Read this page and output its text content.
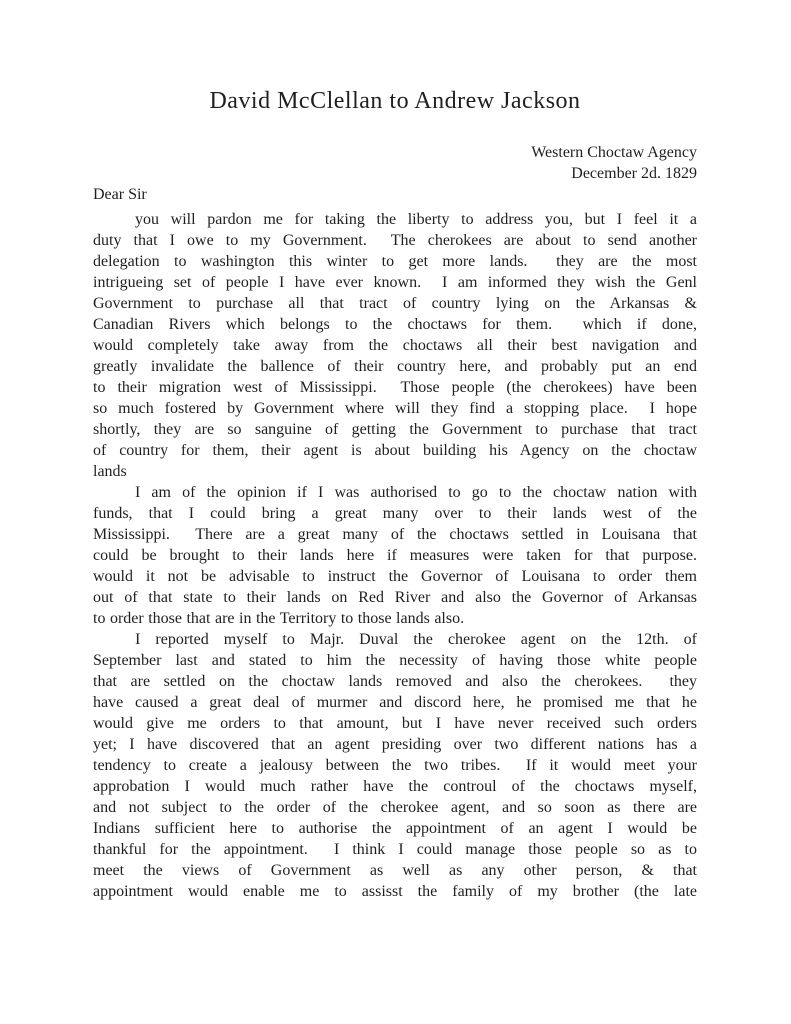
David McClellan to Andrew Jackson
Western Choctaw Agency
December 2d. 1829
Dear Sir
you will pardon me for taking the liberty to address you, but I feel it a
duty that I owe to my Government.  The cherokees are about to send another
delegation to washington this winter to get more lands.  they are the most
intrigueing set of people I have ever known.  I am informed they wish the Genl
Government to purchase all that tract of country lying on the Arkansas &
Canadian Rivers which belongs to the choctaws for them.  which if done,
would completely take away from the choctaws all their best navigation and
greatly invalidate the ballence of their country here, and probably put an end
to their migration west of Mississippi.  Those people (the cherokees) have been
so much fostered by Government where will they find a stopping place.  I hope
shortly, they are so sanguine of getting the Government to purchase that tract
of country for them, their agent is about building his Agency on the choctaw
lands
I am of the opinion if I was authorised to go to the choctaw nation with
funds, that I could bring a great many over to their lands west of the
Mississippi.  There are a great many of the choctaws settled in Louisana that
could be brought to their lands here if measures were taken for that purpose.
would it not be advisable to instruct the Governor of Louisana to order them
out of that state to their lands on Red River and also the Governor of Arkansas
to order those that are in the Territory to those lands also.
I reported myself to Majr. Duval the cherokee agent on the 12th. of
September last and stated to him the necessity of having those white people
that are settled on the choctaw lands removed and also the cherokees.  they
have caused a great deal of murmer and discord here, he promised me that he
would give me orders to that amount, but I have never received such orders
yet; I have discovered that an agent presiding over two different nations has a
tendency to create a jealousy between the two tribes.  If it would meet your
approbation I would much rather have the controul of the choctaws myself,
and not subject to the order of the cherokee agent, and so soon as there are
Indians sufficient here to authorise the appointment of an agent I would be
thankful for the appointment.  I think I could manage those people so as to
meet the views of Government as well as any other person, & that
appointment would enable me to assisst the family of my brother (the late
